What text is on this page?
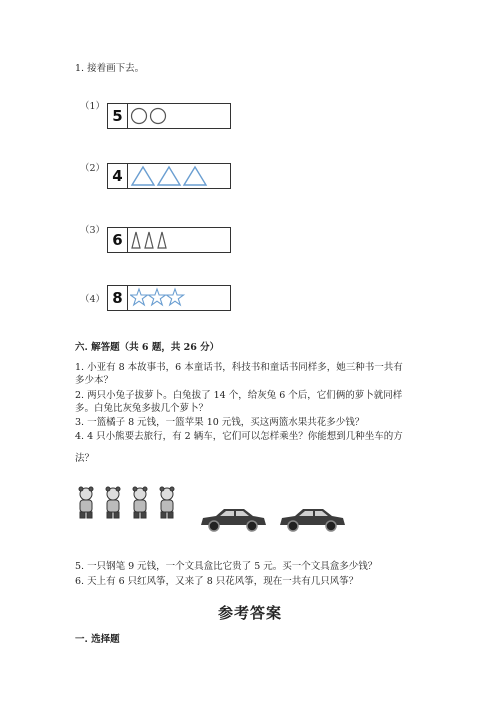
1. 接着画下去。
（1）
5
（2） 4
（3）
6
（4） 8
六. 解答题（共 6 题，共 26 分）
1. 小亚有 8 本故事书，6 本童话书，科技书和童话书同样多，她三种书一共有
多少本？
2. 两只小兔子拔萝卜。白兔拔了 14 个，给灰兔 6 个后，它们俩的萝卜就同样
多。白兔比灰兔多拔几个萝卜？
3. 一篮橘子 8 元钱，一篮苹果 10 元钱，买这两篮水果共花多少钱？
4. 4 只小熊要去旅行，有 2 辆车，它们可以怎样乘坐？你能想到几种坐车的方
法？
5. 一只钢笔 9 元钱，一个文具盒比它贵了 5 元。买一个文具盒多少钱？
6. 天上有 6 只红风筝，又来了 8 只花风筝，现在一共有几只风筝？
参考答案
一. 选择题
